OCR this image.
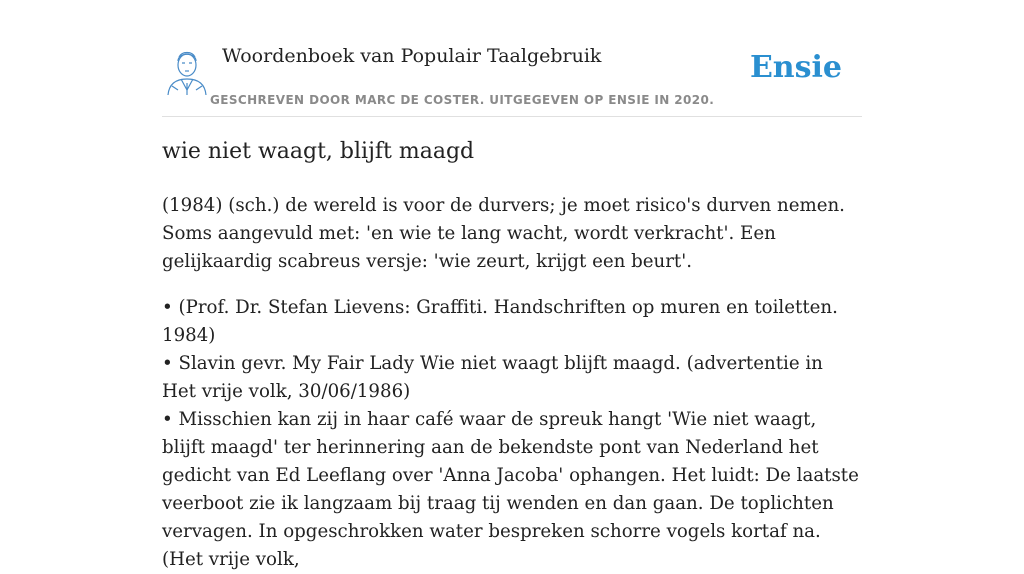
Woordenboek van Populair Taalgebruik
GESCHREVEN DOOR MARC DE COSTER. UITGEGEVEN OP ENSIE IN 2020.
Ensie
wie niet waagt, blijft maagd

(1984) (sch.) de wereld is voor de durvers; je moet risico's durven nemen. Soms aangevuld met: 'en wie te lang wacht, wordt verkracht'. Een gelijkaardig scabreus versje: 'wie zeurt, krijgt een beurt'.

• (Prof. Dr. Stefan Lievens: Graffiti. Handschriften op muren en toiletten. 1984)

• Slavin gevr. My Fair Lady Wie niet waagt blijft maagd. (advertentie in Het vrije volk, 30/06/1986)

• Misschien kan zij in haar café waar de spreuk hangt 'Wie niet waagt, blijft maagd' ter herinnering aan de bekendste pont van Nederland het gedicht van Ed Leeflang over 'Anna Jacoba' ophangen. Het luidt: De laatste veerboot zie ik langzaam bij traag tij wenden en dan gaan. De toplichten vervagen. In opgeschrokken water bespreken schorre vogels kortaf na. (Het vrije volk,
